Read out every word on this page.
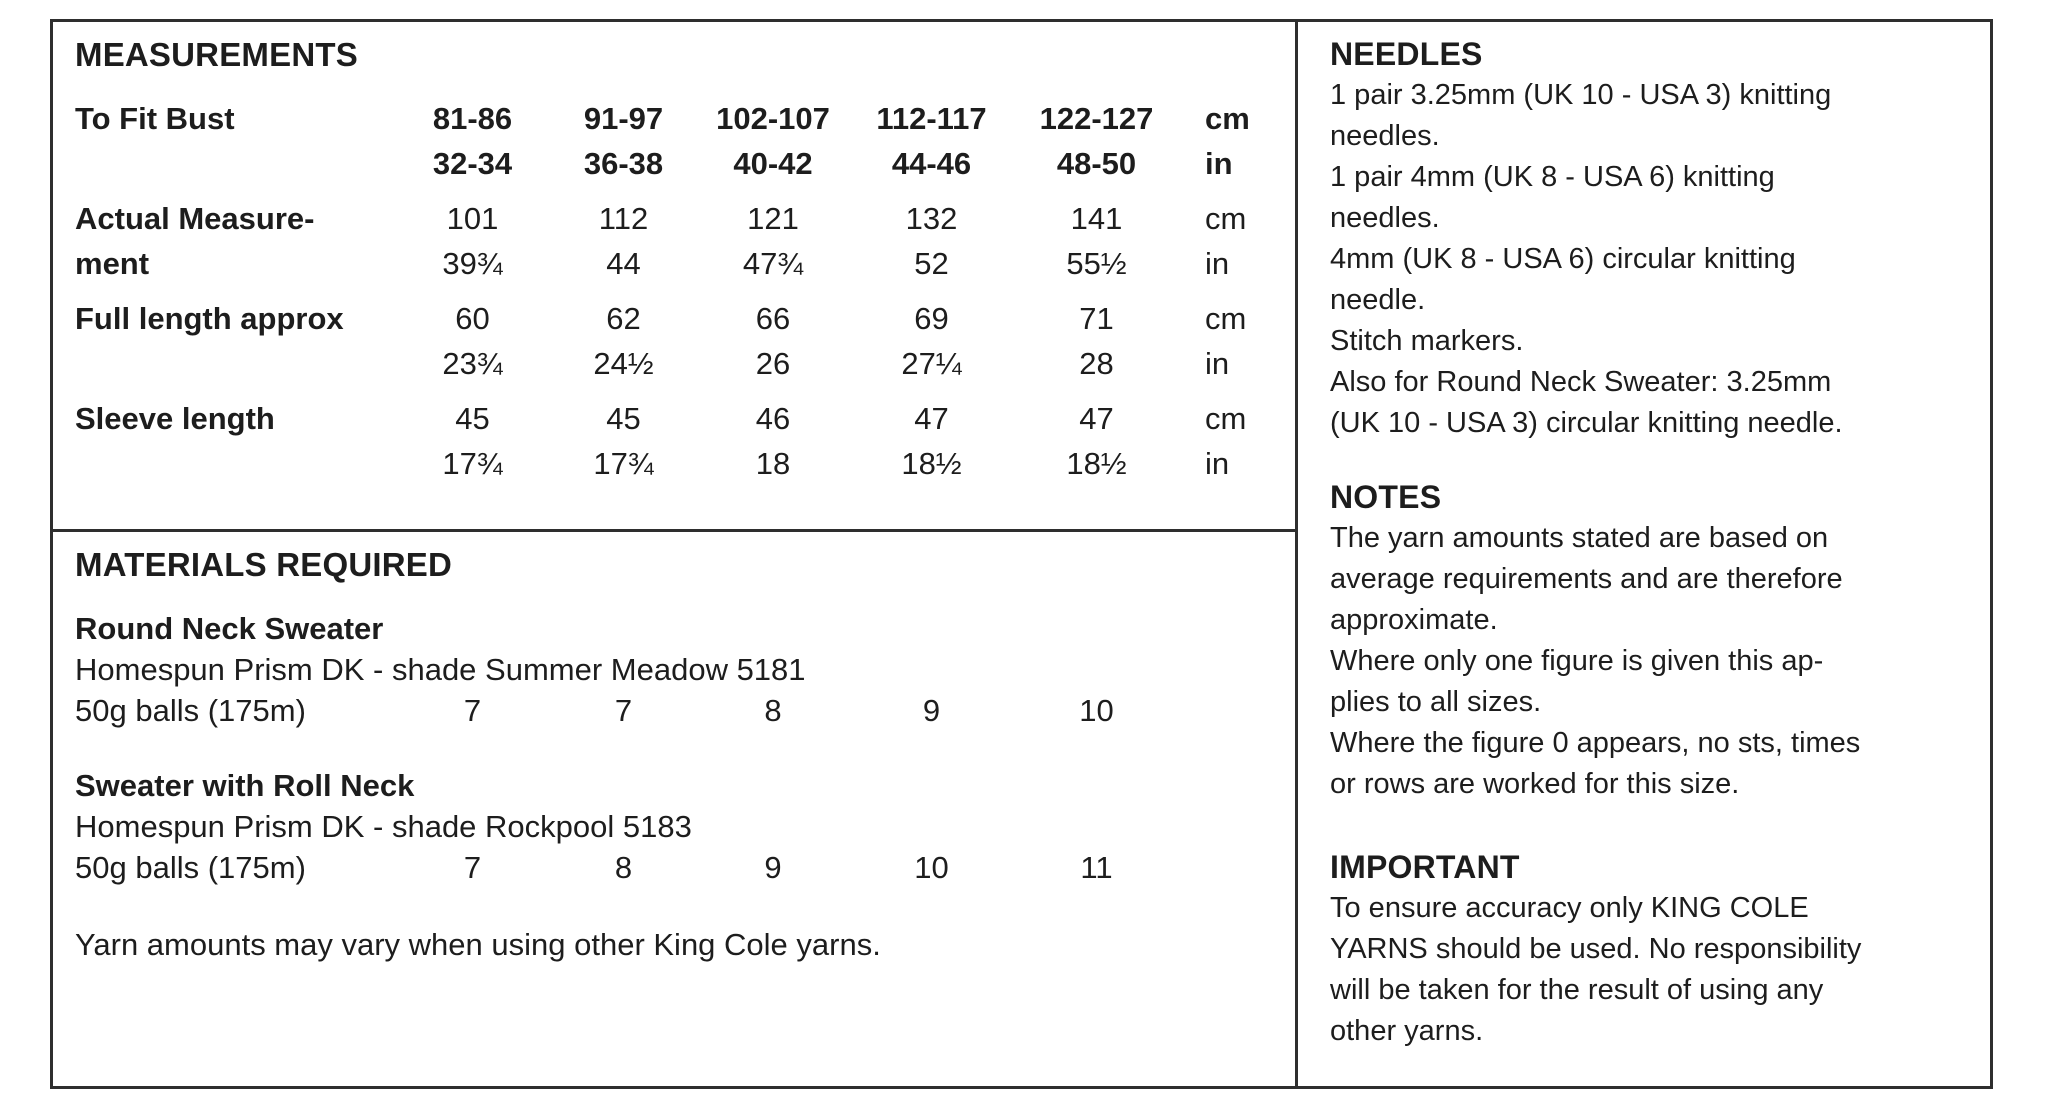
MEASUREMENTS
To Fit Bust	81-86	91-97	102-107	112-117	122-127	cm
32-34	36-38	40-42	44-46	48-50	in
Actual Measure-	101	112	121	132	141	cm
ment	39¾	44	47¾	52	55½	in
Full length approx	60	62	66	69	71	cm
23¾	24½	26	27¼	28	in
Sleeve length	45	45	46	47	47	cm
17¾	17¾	18	18½	18½	in
MATERIALS REQUIRED
Round Neck Sweater
Homespun Prism DK - shade Summer Meadow 5181
50g balls (175m)	7	7	8	9	10
Sweater with Roll Neck
Homespun Prism DK - shade Rockpool 5183
50g balls (175m)	7	8	9	10	11
Yarn amounts may vary when using other King Cole yarns.
NEEDLES
1 pair 3.25mm (UK 10 - USA 3) knitting
needles.
1 pair 4mm (UK 8 - USA 6) knitting
needles.
4mm (UK 8 - USA 6) circular knitting
needle.
Stitch markers.
Also for Round Neck Sweater: 3.25mm
(UK 10 - USA 3) circular knitting needle.
NOTES
The yarn amounts stated are based on
average requirements and are therefore
approximate.
Where only one figure is given this ap-
plies to all sizes.
Where the figure 0 appears, no sts, times
or rows are worked for this size.
IMPORTANT
To ensure accuracy only KING COLE
YARNS should be used. No responsibility
will be taken for the result of using any
other yarns.
